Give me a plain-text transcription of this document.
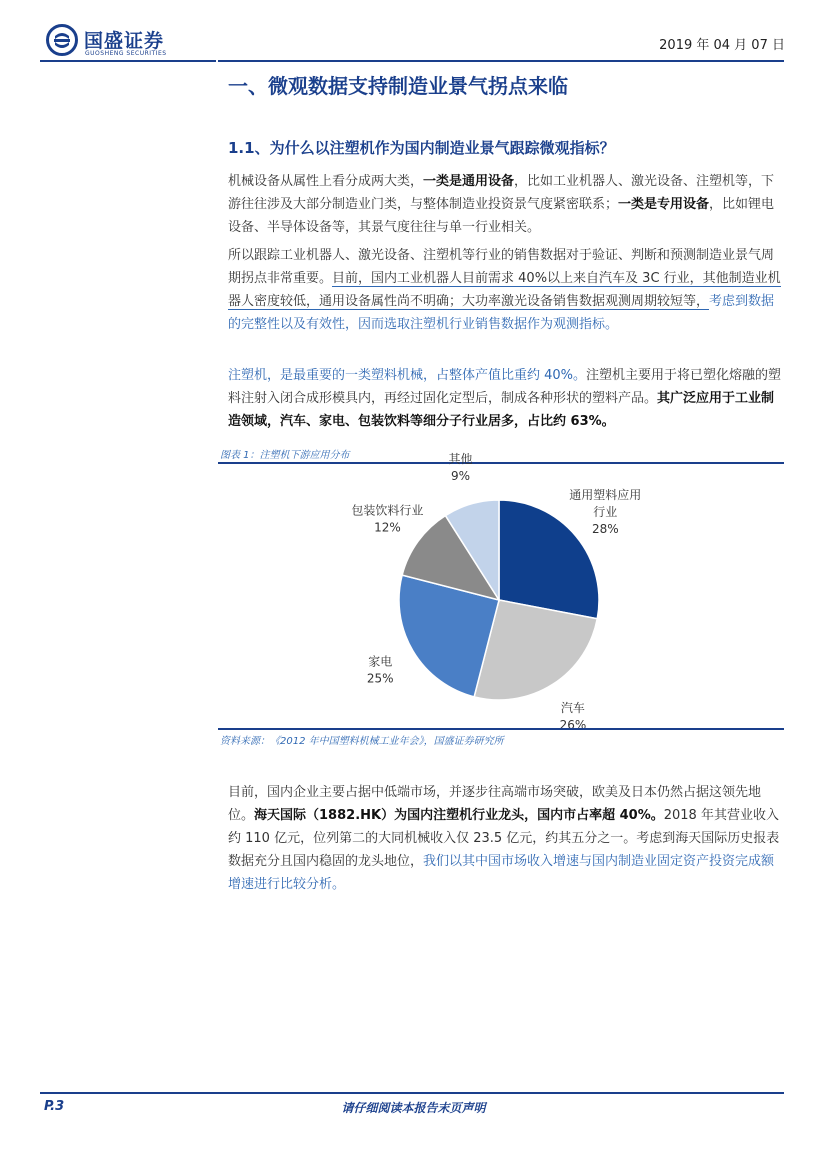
国盛证券
GUOSHENG SECURITIES
2019 年 04 月 07 日
一、微观数据支持制造业景气拐点来临
1.1、为什么以注塑机作为国内制造业景气跟踪微观指标？

机械设备从属性上看分成两大类，一类是通用设备，比如工业机器人、激光设备、注塑机等，下游往往涉及大部分制造业门类，与整体制造业投资景气度紧密联系；一类是专用设备，比如锂电设备、半导体设备等，其景气度往往与单一行业相关。

所以跟踪工业机器人、激光设备、注塑机等行业的销售数据对于验证、判断和预测制造业景气周期拐点非常重要。目前，国内工业机器人目前需求 40%以上来自汽车及 3C 行业，其他制造业机器人密度较低，通用设备属性尚不明确；大功率激光设备销售数据观测周期较短等，考虑到数据的完整性以及有效性，因而选取注塑机行业销售数据作为观测指标。

注塑机，是最重要的一类塑料机械，占整体产值比重约 40%。注塑机主要用于将已塑化熔融的塑料注射入闭合成形模具内，再经过固化定型后，制成各种形状的塑料产品。其广泛应用于工业制造领域，汽车、家电、包装饮料等细分子行业居多，占比约 63%。

图表 1：注塑机下游应用分布
通用塑料应用
行业
28%
汽车
26%
家电
25%
包装饮料行业
12%
其他
9%
资料来源：《2012 年中国塑料机械工业年会》，国盛证券研究所

目前，国内企业主要占据中低端市场，并逐步往高端市场突破，欧美及日本仍然占据这领先地位。海天国际（1882.HK）为国内注塑机行业龙头，国内市占率超 40%。2018 年其营业收入约 110 亿元，位列第二的大同机械收入仅 23.5 亿元，约其五分之一。考虑到海天国际历史报表数据充分且国内稳固的龙头地位，我们以其中国市场收入增速与国内制造业固定资产投资完成额增速进行比较分析。

P.3	请仔细阅读本报告末页声明
